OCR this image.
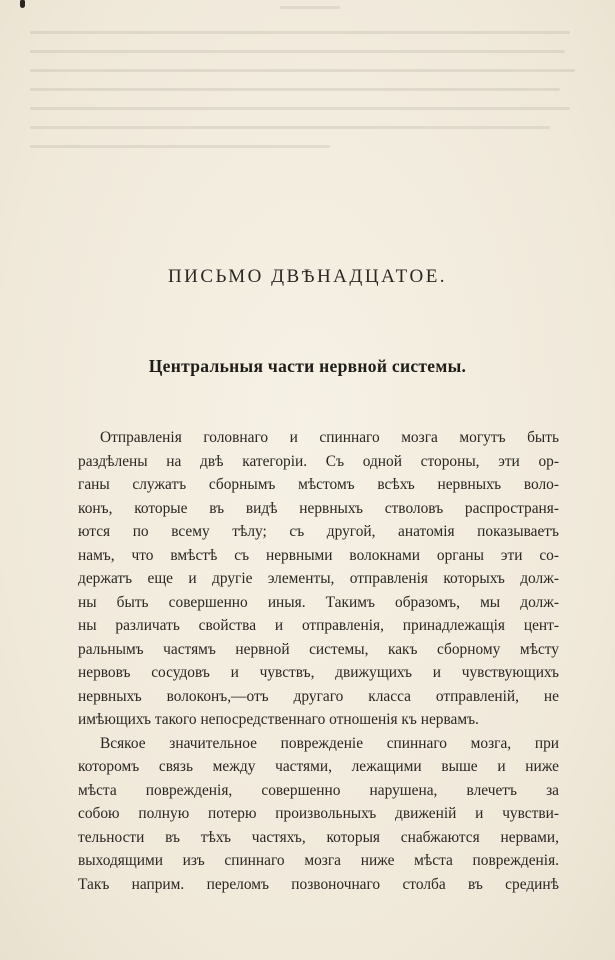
ПИСЬМО ДВѢНАДЦАТОЕ.
Центральныя части нервной системы.
Отправленія головнаго и спиннаго мозга могутъ быть
раздѣлены на двѣ категоріи. Съ одной стороны, эти ор-
ганы служатъ сборнымъ мѣстомъ всѣхъ нервныхъ воло-
конъ, которые въ видѣ нервныхъ стволовъ распространя-
ются по всему тѣлу; съ другой, анатомія показываетъ
намъ, что вмѣстѣ съ нервными волокнами органы эти со-
держатъ еще и другіе элементы, отправленія которыхъ долж-
ны быть совершенно иныя. Такимъ образомъ, мы долж-
ны различать свойства и отправленія, принадлежащія цент-
ральнымъ частямъ нервной системы, какъ сборному мѣсту
нервовъ сосудовъ и чувствъ, движущихъ и чувствующихъ
нервныхъ волоконъ,—отъ другаго класса отправленій, не
имѣющихъ такого непосредственнаго отношенія къ нервамъ.
Всякое значительное поврежденіе спиннаго мозга, при
которомъ связь между частями, лежащими выше и ниже
мѣста поврежденія, совершенно нарушена, влечетъ за
собою полную потерю произвольныхъ движеній и чувстви-
тельности въ тѣхъ частяхъ, которыя снабжаются нервами,
выходящими изъ спиннаго мозга ниже мѣста поврежденія.
Такъ наприм. переломъ позвоночнаго столба въ срединѣ
